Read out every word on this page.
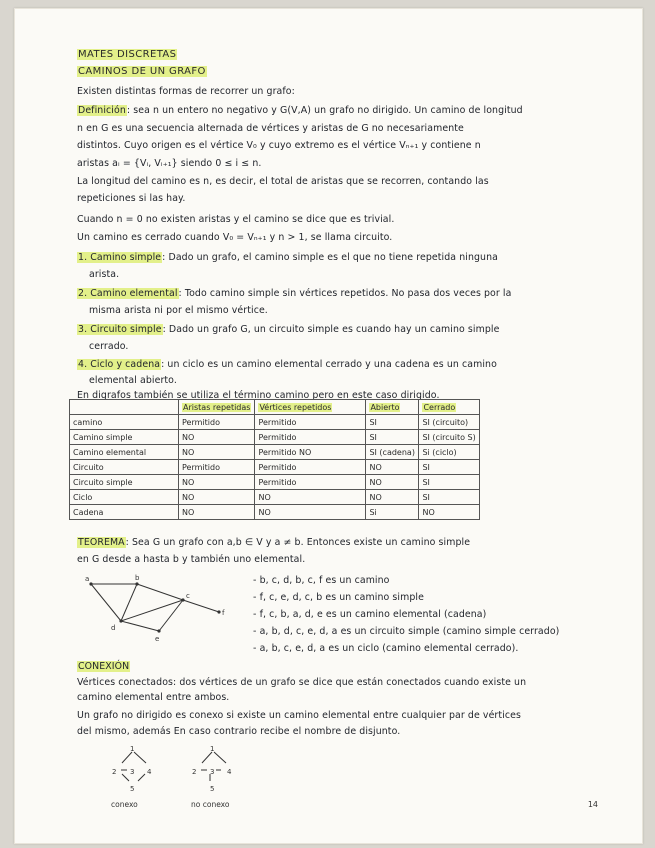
MATES DISCRETAS
CAMINOS DE UN GRAFO
Existen distintas formas de recorrer un grafo:
Definición: sea n un entero no negativo y G(V,A) un grafo no dirigido. Un camino de longitud
n en G es una secuencia alternada de vértices y aristas de G no necesariamente
distintos. Cuyo origen es el vértice V₀ y cuyo extremo es el vértice Vₙ₊₁ y contiene n
aristas aᵢ = {Vᵢ, Vᵢ₊₁} siendo 0 ≤ i ≤ n.
La longitud del camino es n, es decir, el total de aristas que se recorren, contando las
repeticiones si las hay.
Cuando n = 0 no existen aristas y el camino se dice que es trivial.
Un camino es cerrado cuando V₀ = Vₙ₊₁ y n > 1, se llama circuito.
1. Camino simple: Dado un grafo, el camino simple es el que no tiene repetida ninguna
arista.
2. Camino elemental: Todo camino simple sin vértices repetidos. No pasa dos veces por la
misma arista ni por el mismo vértice.
3. Circuito simple: Dado un grafo G, un circuito simple es cuando hay un camino simple
cerrado.
4. Ciclo y cadena: un ciclo es un camino elemental cerrado y una cadena es un camino
elemental abierto.
En digrafos también se utiliza el término camino pero en este caso dirigido.
	Aristas repetidas	Vértices repetidos	Abierto	Cerrado
camino	Permitido	Permitido	SI	SI (circuito)
Camino simple	NO	Permitido	SI	SI (circuito S)
Camino elemental	NO	Permitido NO	SI (cadena)	Si (ciclo)
Circuito	Permitido	Permitido	NO	SI
Circuito simple	NO	Permitido	NO	SI
Ciclo	NO	NO	NO	SI
Cadena	NO	NO	Si	NO
TEOREMA: Sea G un grafo con a,b ∈ V y a ≠ b. Entonces existe un camino simple
en G desde a hasta b y también uno elemental.
a	b
c
d
e
f
- b, c, d, b, c, f es un camino
- f, c, e, d, c, b es un camino simple
- f, c, b, a, d, e es un camino elemental (cadena)
- a, b, d, c, e, d, a es un circuito simple (camino simple cerrado)
- a, b, c, e, d, a es un ciclo (camino elemental cerrado).
CONEXIÓN
Vértices conectados: dos vértices de un grafo se dice que están conectados cuando existe un
camino elemental entre ambos.
Un grafo no dirigido es conexo si existe un camino elemental entre cualquier par de vértices
del mismo, además En caso contrario recibe el nombre de disjunto.
1
2 3 4
5
conexo
1
2 3 4
5
no conexo	14
